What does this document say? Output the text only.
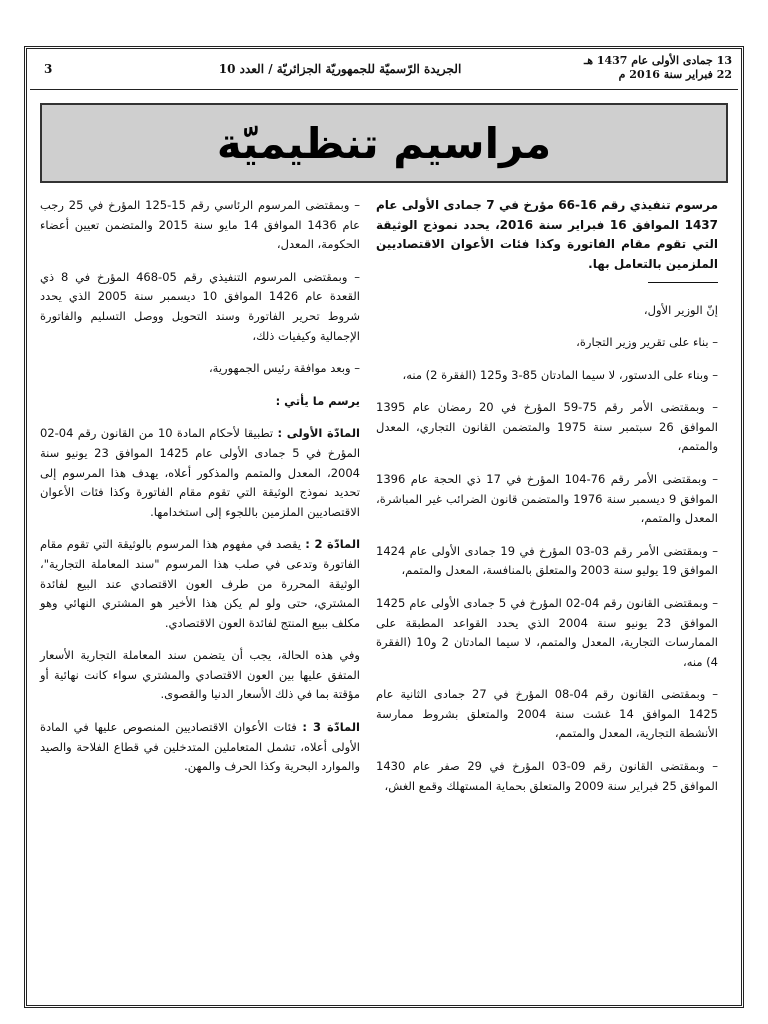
13 جمادى الأولى عام 1437 هـ
22 فبراير سنة 2016 م
الجريدة الرّسميّة للجمهوريّة الجزائريّة / العدد 10
3
مراسيم تنظيميّة

مرسوم تنفيذي رقم 16-66 مؤرخ في 7 جمادى الأولى عام 1437 الموافق 16 فبراير سنة 2016، يحدد نموذج الوثيقة التي تقوم مقام الفاتورة وكذا فئات الأعوان الاقتصاديين الملزمين بالتعامل بها.

إنّ الوزير الأول،

– بناء على تقرير وزير التجارة،

– وبناء على الدستور، لا سيما المادتان 85-3 و125 (الفقرة 2) منه،

– وبمقتضى الأمر رقم 75-59 المؤرخ في 20 رمضان عام 1395 الموافق 26 سبتمبر سنة 1975 والمتضمن القانون التجاري، المعدل والمتمم،

– وبمقتضى الأمر رقم 76-104 المؤرخ في 17 ذي الحجة عام 1396 الموافق 9 ديسمبر سنة 1976 والمتضمن قانون الضرائب غير المباشرة، المعدل والمتمم،

– وبمقتضى الأمر رقم 03-03 المؤرخ في 19 جمادى الأولى عام 1424 الموافق 19 يوليو سنة 2003 والمتعلق بالمنافسة، المعدل والمتمم،

– وبمقتضى القانون رقم 04-02 المؤرخ في 5 جمادى الأولى عام 1425 الموافق 23 يونيو سنة 2004 الذي يحدد القواعد المطبقة على الممارسات التجارية، المعدل والمتمم، لا سيما المادتان 2 و10 (الفقرة 4) منه،

– وبمقتضى القانون رقم 04-08 المؤرخ في 27 جمادى الثانية عام 1425 الموافق 14 غشت سنة 2004 والمتعلق بشروط ممارسة الأنشطة التجارية، المعدل والمتمم،

– وبمقتضى القانون رقم 09-03 المؤرخ في 29 صفر عام 1430 الموافق 25 فبراير سنة 2009 والمتعلق بحماية المستهلك وقمع الغش،

– وبمقتضى المرسوم الرئاسي رقم 15-125 المؤرخ في 25 رجب عام 1436 الموافق 14 مايو سنة 2015 والمتضمن تعيين أعضاء الحكومة، المعدل،

– وبمقتضى المرسوم التنفيذي رقم 05-468 المؤرخ في 8 ذي القعدة عام 1426 الموافق 10 ديسمبر سنة 2005 الذي يحدد شروط تحرير الفاتورة وسند التحويل ووصل التسليم والفاتورة الإجمالية وكيفيات ذلك،

– وبعد موافقة رئيس الجمهورية،

يرسم ما يأتي :

المادّة الأولى : تطبيقا لأحكام المادة 10 من القانون رقم 04-02 المؤرخ في 5 جمادى الأولى عام 1425 الموافق 23 يونيو سنة 2004، المعدل والمتمم والمذكور أعلاه، يهدف هذا المرسوم إلى تحديد نموذج الوثيقة التي تقوم مقام الفاتورة وكذا فئات الأعوان الاقتصاديين الملزمين باللجوء إلى استخدامها.

المادّة 2 : يقصد في مفهوم هذا المرسوم بالوثيقة التي تقوم مقام الفاتورة وتدعى في صلب هذا المرسوم "سند المعاملة التجارية"، الوثيقة المحررة من طرف العون الاقتصادي عند البيع لفائدة المشتري، حتى ولو لم يكن هذا الأخير هو المشتري النهائي وهو مكلف ببيع المنتج لفائدة العون الاقتصادي.

وفي هذه الحالة، يجب أن يتضمن سند المعاملة التجارية الأسعار المتفق عليها بين العون الاقتصادي والمشتري سواء كانت نهائية أو مؤقتة بما في ذلك الأسعار الدنيا والقصوى.

المادّة 3 : فئات الأعوان الاقتصاديين المنصوص عليها في المادة الأولى أعلاه، تشمل المتعاملين المتدخلين في قطاع الفلاحة والصيد والموارد البحرية وكذا الحرف والمهن.
